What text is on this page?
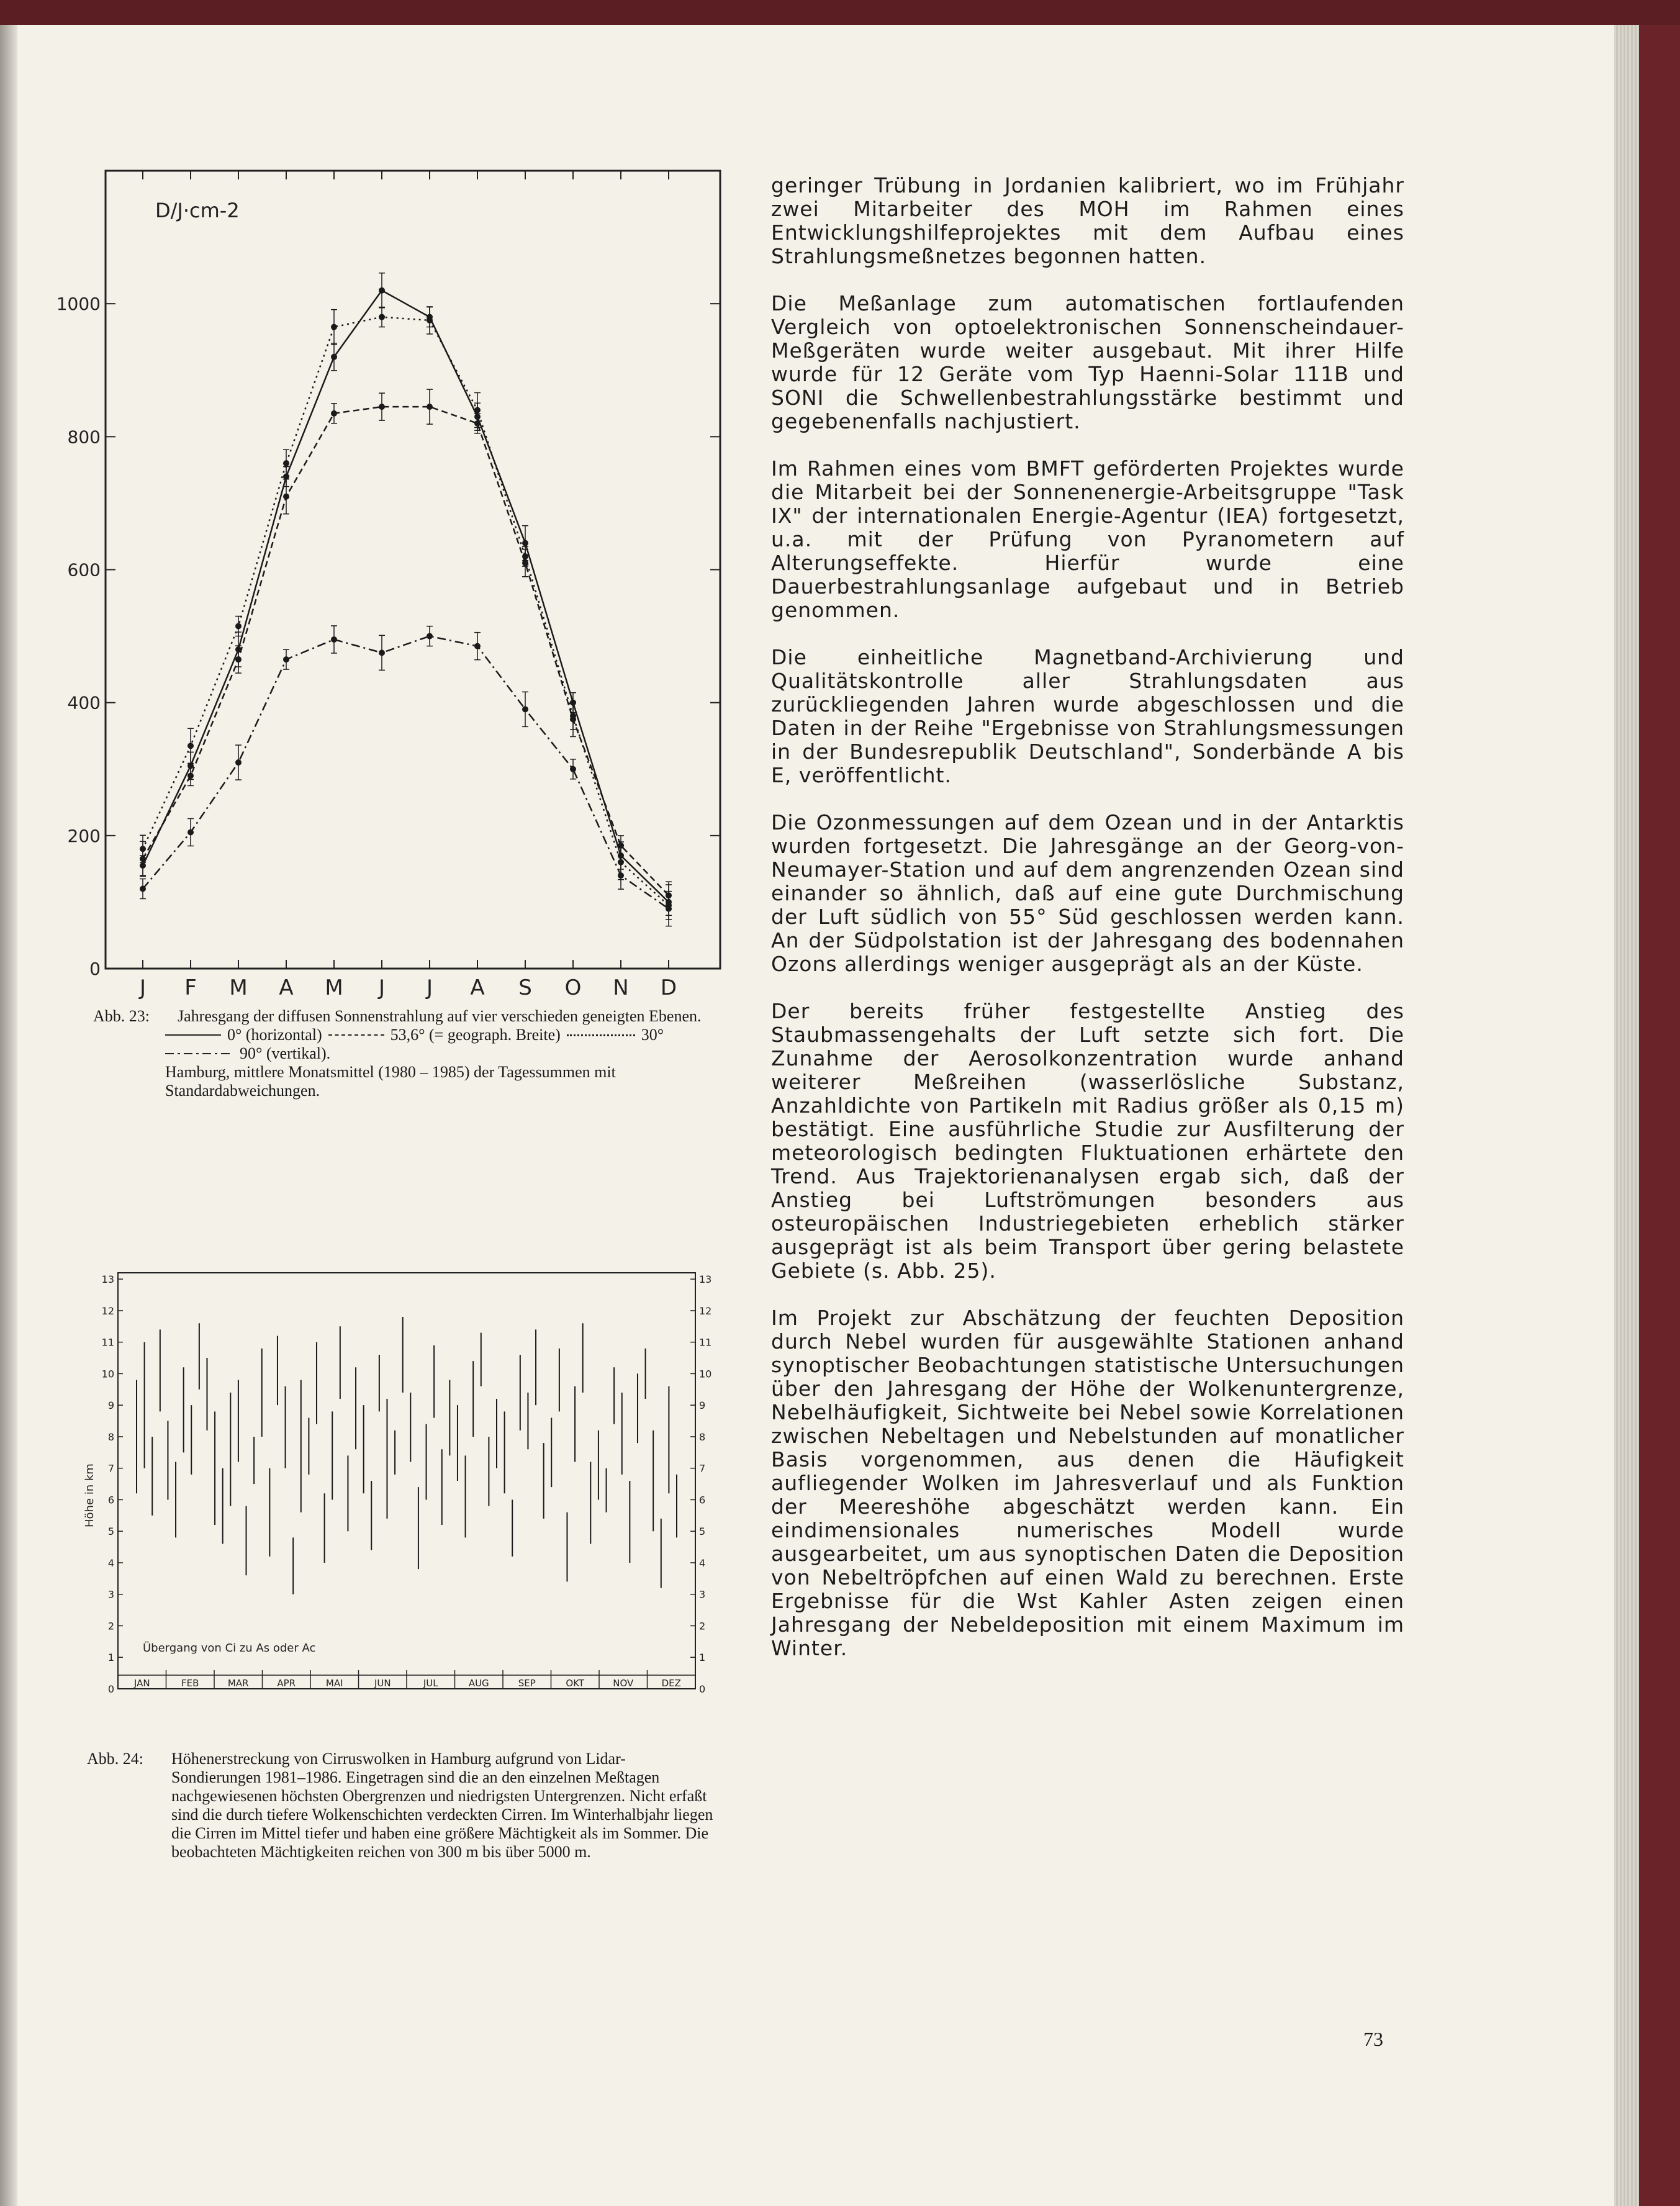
D/J·cm-2
0
200
400
600
800
1000
J F M A M J J A S O N D
Abb. 23:	Jahresgang der diffusen Sonnenstrahlung auf vier verschieden geneigten Ebenen.
0° (horizontal)	53,6° (= geograph. Breite)	30°
90° (vertikal).
Hamburg, mittlere Monatsmittel (1980 – 1985) der Tagessummen mit Standardabweichungen.
Höhe in km
0	0
1	1
2	2
3	3
4	4
5	5
6	6
7	7
8	8
9	9
10	10
11	11
12	12
13	13
JAN	FEB	MAR	APR	MAI	JUN	JUL	AUG	SEP	OKT	NOV	DEZ
Übergang von Ci zu As oder Ac
Abb. 24:	Höhenerstreckung von Cirruswolken in Hamburg aufgrund von Lidar-Sondierungen 1981–1986. Eingetragen sind die an den einzelnen Meßtagen nachgewiesenen höchsten Obergrenzen und niedrigsten Untergrenzen. Nicht erfaßt sind die durch tiefere Wolkenschichten verdeckten Cirren. Im Winterhalbjahr liegen die Cirren im Mittel tiefer und haben eine größere Mächtigkeit als im Sommer. Die beobachteten Mächtigkeiten reichen von 300 m bis über 5000 m.

geringer Trübung in Jordanien kalibriert, wo im Frühjahr zwei Mitarbeiter des MOH im Rahmen eines Entwicklungshilfeprojektes mit dem Aufbau eines Strahlungsmeßnetzes begonnen hatten.

Die Meßanlage zum automatischen fortlaufenden Vergleich von optoelektronischen Sonnenscheindauer-Meßgeräten wurde weiter ausgebaut. Mit ihrer Hilfe wurde für 12 Geräte vom Typ Haenni-Solar 111B und SONI die Schwellenbestrahlungsstärke bestimmt und gegebenenfalls nachjustiert.

Im Rahmen eines vom BMFT geförderten Projektes wurde die Mitarbeit bei der Sonnenenergie-Arbeitsgruppe "Task IX" der internationalen Energie-Agentur (IEA) fortgesetzt, u.a. mit der Prüfung von Pyranometern auf Alterungseffekte. Hierfür wurde eine Dauerbestrahlungsanlage aufgebaut und in Betrieb genommen.

Die einheitliche Magnetband-Archivierung und Qualitätskontrolle aller Strahlungsdaten aus zurückliegenden Jahren wurde abgeschlossen und die Daten in der Reihe "Ergebnisse von Strahlungsmessungen in der Bundesrepublik Deutschland", Sonderbände A bis E, veröffentlicht.

Die Ozonmessungen auf dem Ozean und in der Antarktis wurden fortgesetzt. Die Jahresgänge an der Georg-von-Neumayer-Station und auf dem angrenzenden Ozean sind einander so ähnlich, daß auf eine gute Durchmischung der Luft südlich von 55° Süd geschlossen werden kann. An der Südpolstation ist der Jahresgang des bodennahen Ozons allerdings weniger ausgeprägt als an der Küste.

Der bereits früher festgestellte Anstieg des Staubmassengehalts der Luft setzte sich fort. Die Zunahme der Aerosolkonzentration wurde anhand weiterer Meßreihen (wasserlösliche Substanz, Anzahldichte von Partikeln mit Radius größer als 0,15 m) bestätigt. Eine ausführliche Studie zur Ausfilterung der meteorologisch bedingten Fluktuationen erhärtete den Trend. Aus Trajektorienanalysen ergab sich, daß der Anstieg bei Luftströmungen besonders aus osteuropäischen Industriegebieten erheblich stärker ausgeprägt ist als beim Transport über gering belastete Gebiete (s. Abb. 25).

Im Projekt zur Abschätzung der feuchten Deposition durch Nebel wurden für ausgewählte Stationen anhand synoptischer Beobachtungen statistische Untersuchungen über den Jahresgang der Höhe der Wolkenuntergrenze, Nebelhäufigkeit, Sichtweite bei Nebel sowie Korrelationen zwischen Nebeltagen und Nebelstunden auf monatlicher Basis vorgenommen, aus denen die Häufigkeit aufliegender Wolken im Jahresverlauf und als Funktion der Meereshöhe abgeschätzt werden kann. Ein eindimensionales numerisches Modell wurde ausgearbeitet, um aus synoptischen Daten die Deposition von Nebeltröpfchen auf einen Wald zu berechnen. Erste Ergebnisse für die Wst Kahler Asten zeigen einen Jahresgang der Nebeldeposition mit einem Maximum im Winter.

73
